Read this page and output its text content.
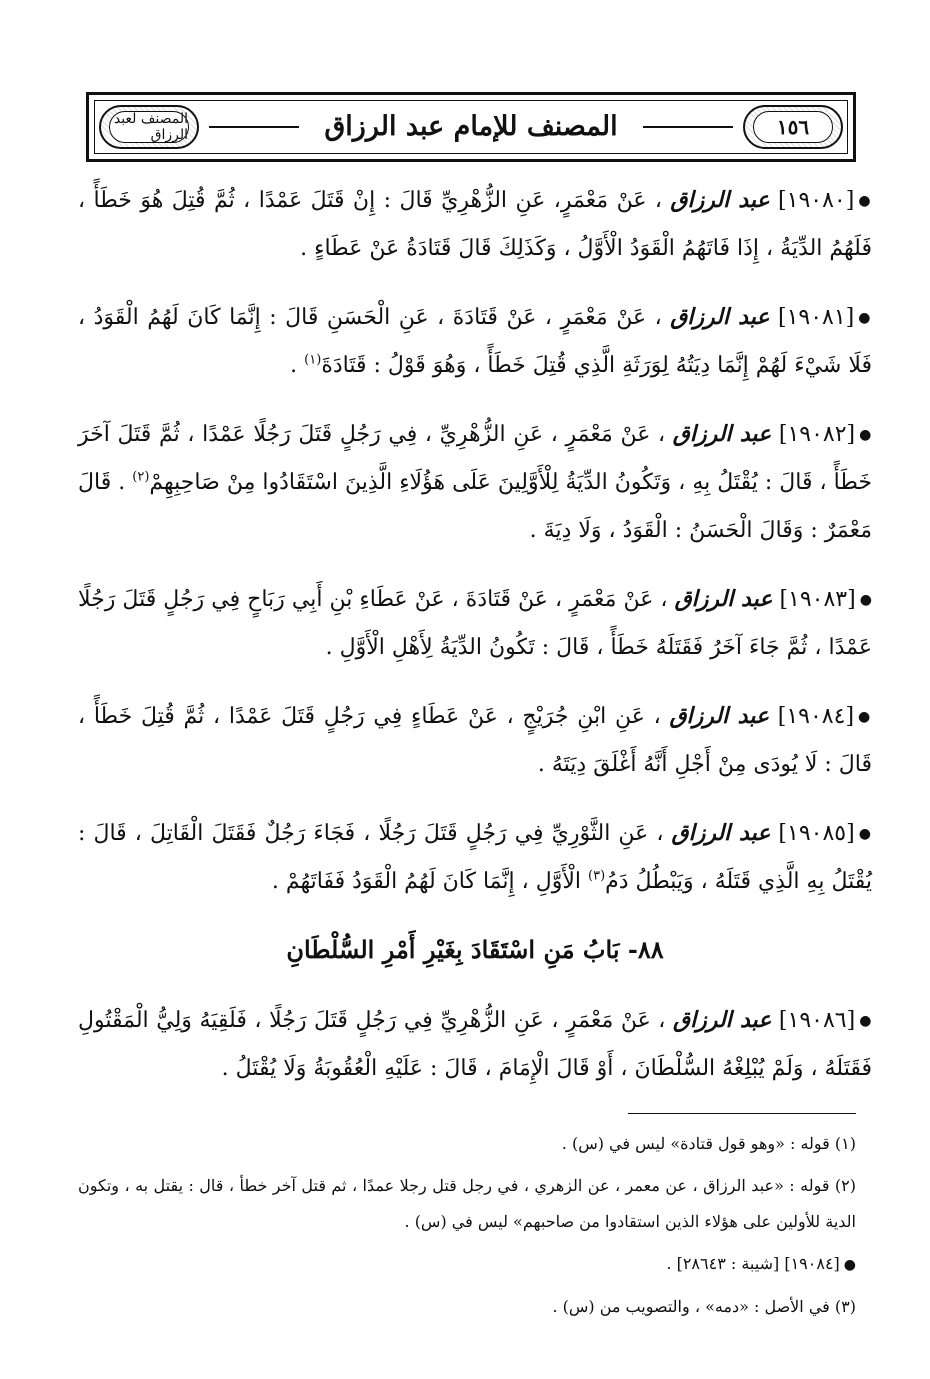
المصنف لعبد الرزاق	المصنف للإمام عبد الرزاق	١٥٦

●[١٩٠٨٠] عبد الرزاق ، عَنْ مَعْمَرٍ، عَنِ الزُّهْرِيِّ قَالَ : إِنْ قَتَلَ عَمْدًا ، ثُمَّ قُتِلَ هُوَ خَطَأً ، فَلَهُمُ الدِّيَةُ ، إِذَا فَاتَهُمُ الْقَوَدُ الْأَوَّلُ ، وَكَذَلِكَ قَالَ قَتَادَةُ عَنْ عَطَاءٍ .

●[١٩٠٨١] عبد الرزاق ، عَنْ مَعْمَرٍ ، عَنْ قَتَادَةَ ، عَنِ الْحَسَنِ قَالَ : إِنَّمَا كَانَ لَهُمُ الْقَوَدُ ، فَلَا شَيْءَ لَهُمْ إِنَّمَا دِيَتُهُ لِوَرَثَةِ الَّذِي قُتِلَ خَطَأً ، وَهُوَ قَوْلُ : قَتَادَةَ$^{(١)}$ .

●[١٩٠٨٢] عبد الرزاق ، عَنْ مَعْمَرٍ ، عَنِ الزُّهْرِيِّ ، فِي رَجُلٍ قَتَلَ رَجُلًا عَمْدًا ، ثُمَّ قَتَلَ آخَرَ خَطَأً ، قَالَ : يُقْتَلُ بِهِ ، وَتَكُونُ الدِّيَةُ لِلْأَوَّلِينَ عَلَى هَؤُلَاءِ الَّذِينَ اسْتَقَادُوا مِنْ صَاحِبِهِمْ$^{(٢)}$ . قَالَ مَعْمَرٌ : وَقَالَ الْحَسَنُ : الْقَوَدُ ، وَلَا دِيَةَ .

●[١٩٠٨٣] عبد الرزاق ، عَنْ مَعْمَرٍ ، عَنْ قَتَادَةَ ، عَنْ عَطَاءِ بْنِ أَبِي رَبَاحٍ فِي رَجُلٍ قَتَلَ رَجُلًا عَمْدًا ، ثُمَّ جَاءَ آخَرُ فَقَتَلَهُ خَطَأً ، قَالَ : تَكُونُ الدِّيَةُ لِأَهْلِ الْأَوَّلِ .

●[١٩٠٨٤] عبد الرزاق ، عَنِ ابْنِ جُرَيْجٍ ، عَنْ عَطَاءٍ فِي رَجُلٍ قَتَلَ عَمْدًا ، ثُمَّ قُتِلَ خَطَأً ، قَالَ : لَا يُودَى مِنْ أَجْلِ أَنَّهُ أَغْلَقَ دِيَتَهُ .

●[١٩٠٨٥] عبد الرزاق ، عَنِ الثَّوْرِيِّ فِي رَجُلٍ قَتَلَ رَجُلًا ، فَجَاءَ رَجُلٌ فَقَتَلَ الْقَاتِلَ ، قَالَ : يُقْتَلُ بِهِ الَّذِي قَتَلَهُ ، وَيَبْطُلُ دَمُ$^{(٣)}$ الْأَوَّلِ ، إِنَّمَا كَانَ لَهُمُ الْقَوَدُ فَفَاتَهُمْ .

٨٨- بَابُ مَنِ اسْتَقَادَ بِغَيْرِ أَمْرِ السُّلْطَانِ

●[١٩٠٨٦] عبد الرزاق ، عَنْ مَعْمَرٍ ، عَنِ الزُّهْرِيِّ فِي رَجُلٍ قَتَلَ رَجُلًا ، فَلَقِيَهُ وَلِيُّ الْمَقْتُولِ فَقَتَلَهُ ، وَلَمْ يُبْلِغْهُ السُّلْطَانَ ، أَوْ قَالَ الْإِمَامَ ، قَالَ : عَلَيْهِ الْعُقُوبَةُ وَلَا يُقْتَلُ .

(١) قوله : «وهو قول قتادة» ليس في (س) .

(٢) قوله : «عبد الرزاق ، عن معمر ، عن الزهري ، في رجل قتل رجلا عمدًا ، ثم قتل آخر خطأ ، قال : يقتل به ، وتكون الدية للأولين على هؤلاء الذين استقادوا من صاحبهم» ليس في (س) .

●[١٩٠٨٤] [شيبة : ٢٨٦٤٣] .

(٣) في الأصل : «دمه» ، والتصويب من (س) .
